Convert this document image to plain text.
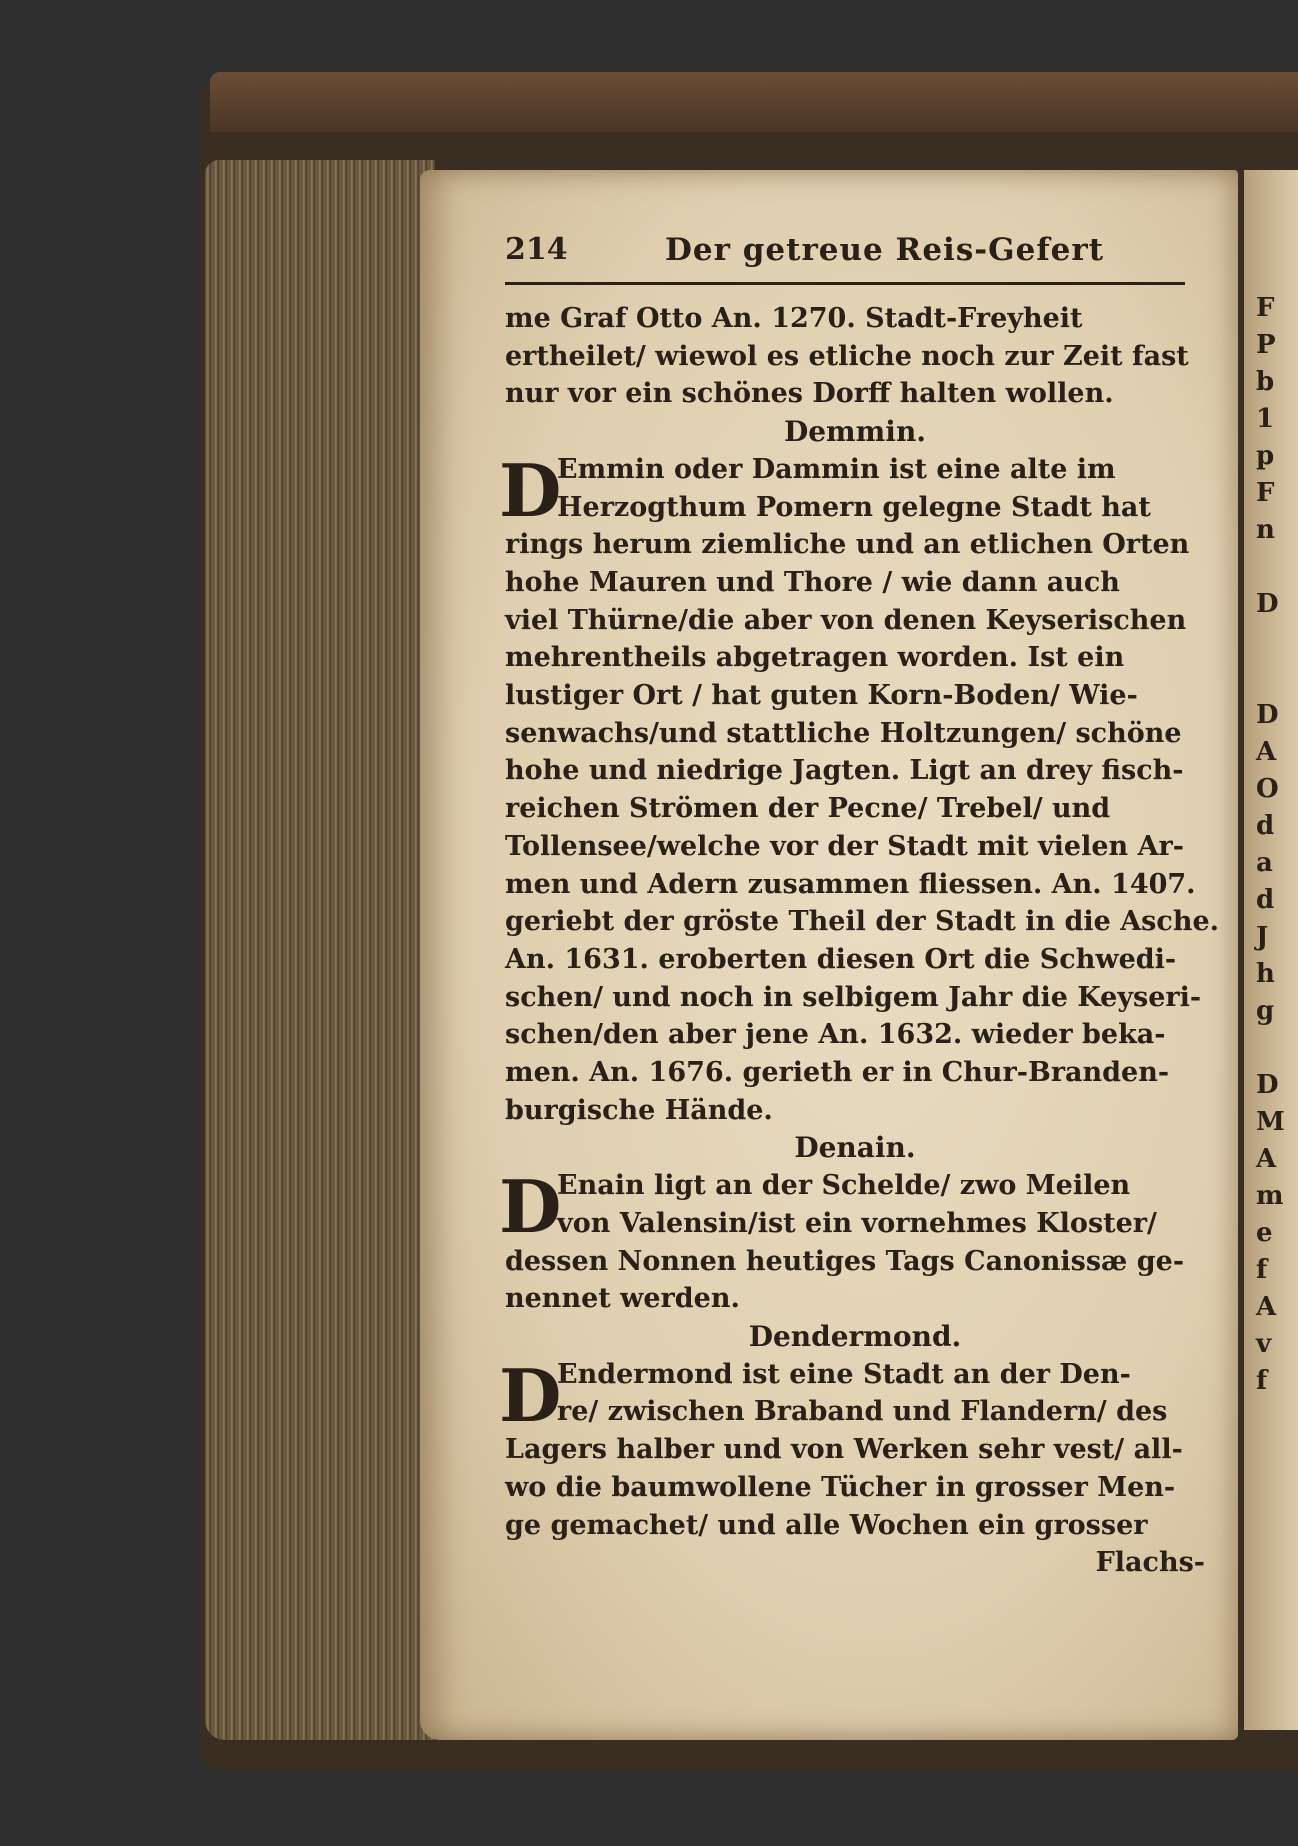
F
P
b
1
p
F
n

D

D
A
O
d
a
d
J
h
g

D
M
A
m
e
f
A
v
f
214	Der getreue Reis-Gefert
me Graf Otto An. 1270. Stadt-Freyheit
ertheilet/ wiewol es etliche noch zur Zeit fast
nur vor ein schönes Dorff halten wollen.
Demmin.
D
Emmin oder Dammin ist eine alte im
Herzogthum Pomern gelegne Stadt hat
rings herum ziemliche und an etlichen Orten
hohe Mauren und Thore / wie dann auch
viel Thürne/die aber von denen Keyserischen
mehrentheils abgetragen worden. Ist ein
lustiger Ort / hat guten Korn-Boden/ Wie-
senwachs/und stattliche Holtzungen/ schöne
hohe und niedrige Jagten. Ligt an drey fisch-
reichen Strömen der Pecne/ Trebel/ und
Tollensee/welche vor der Stadt mit vielen Ar-
men und Adern zusammen fliessen. An. 1407.
geriebt der gröste Theil der Stadt in die Asche.
An. 1631. eroberten diesen Ort die Schwedi-
schen/ und noch in selbigem Jahr die Keyseri-
schen/den aber jene An. 1632. wieder beka-
men. An. 1676. gerieth er in Chur-Branden-
burgische Hände.
Denain.
D
Enain ligt an der Schelde/ zwo Meilen
von Valensin/ist ein vornehmes Kloster/
dessen Nonnen heutiges Tags Canonissæ ge-
nennet werden.
Dendermond.
D
Endermond ist eine Stadt an der Den-
re/ zwischen Braband und Flandern/ des
Lagers halber und von Werken sehr vest/ all-
wo die baumwollene Tücher in grosser Men-
ge gemachet/ und alle Wochen ein grosser
Flachs-
